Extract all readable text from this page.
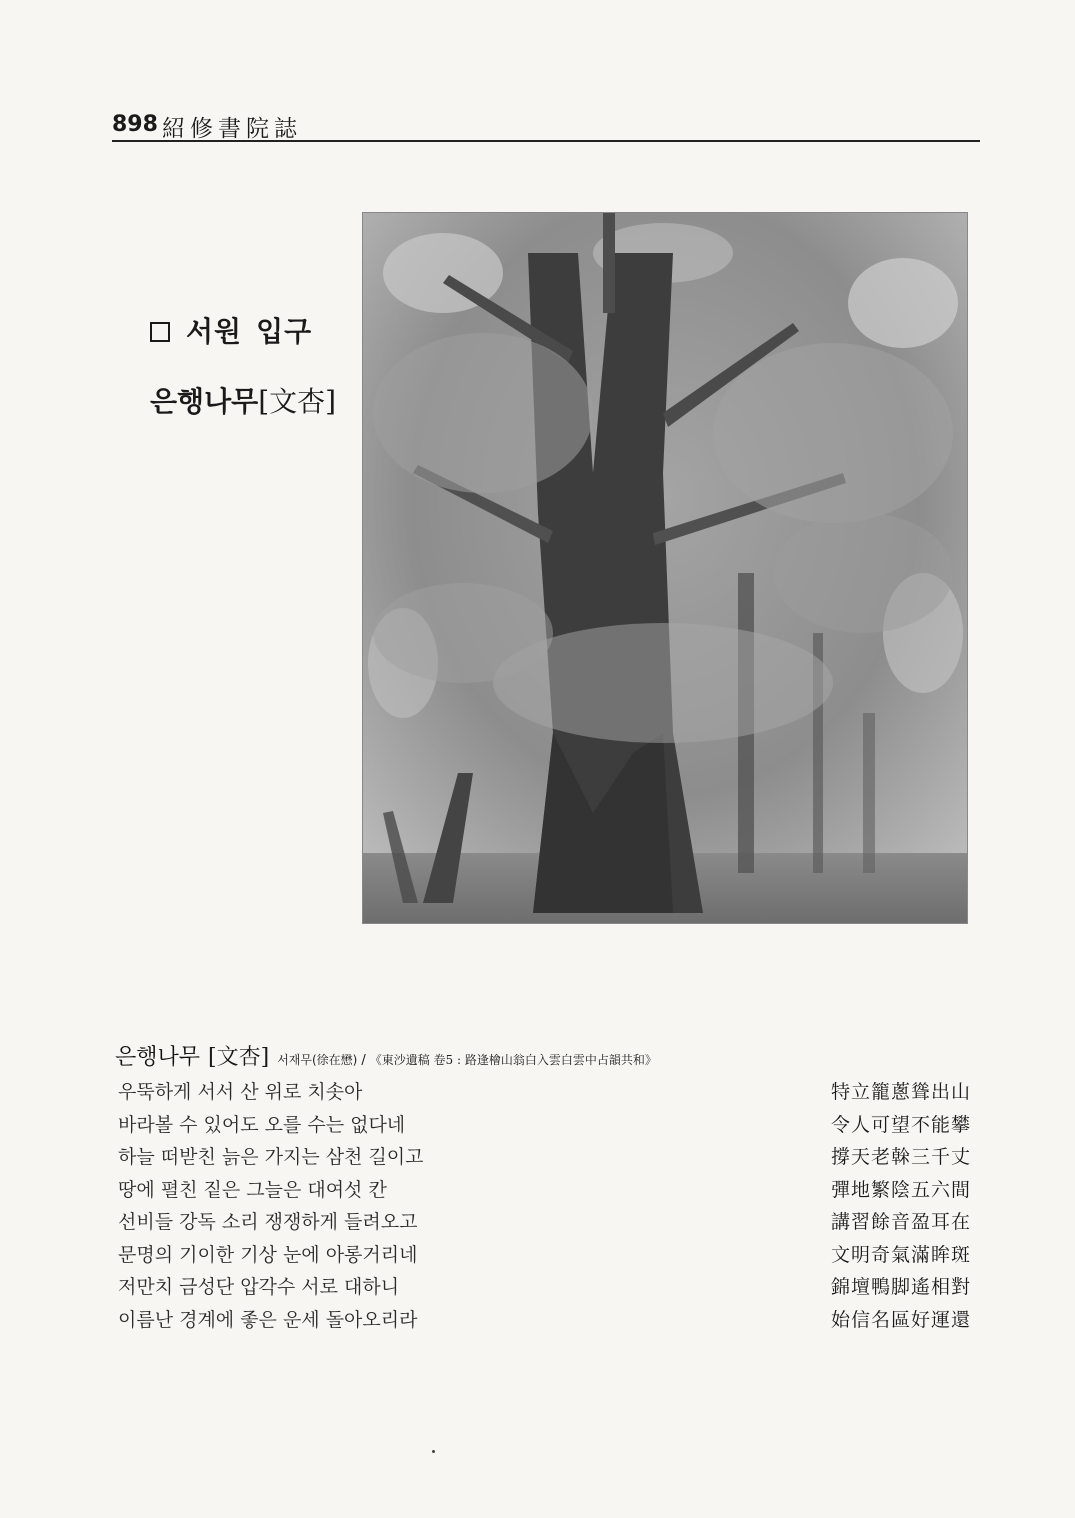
898 紹修書院誌
서원 입구
은행나무[文杏]
은행나무 [文杏] 서재무(徐在懋) / 《東沙遺稿 卷5 : 路逢檜山翁白入雲白雲中占韻共和》
우뚝하게 서서 산 위로 치솟아
바라볼 수 있어도 오를 수는 없다네
하늘 떠받친 늙은 가지는 삼천 길이고
땅에 펼친 짙은 그늘은 대여섯 칸
선비들 강독 소리 쟁쟁하게 들려오고
문명의 기이한 기상 눈에 아롱거리네
저만치 금성단 압각수 서로 대하니
이름난 경계에 좋은 운세 돌아오리라
特立籠蔥聳出山
令人可望不能攀
撐天老榦三千丈
彈地繁陰五六間
講習餘音盈耳在
文明奇氣滿眸斑
錦壇鴨脚遙相對
始信名區好運還
